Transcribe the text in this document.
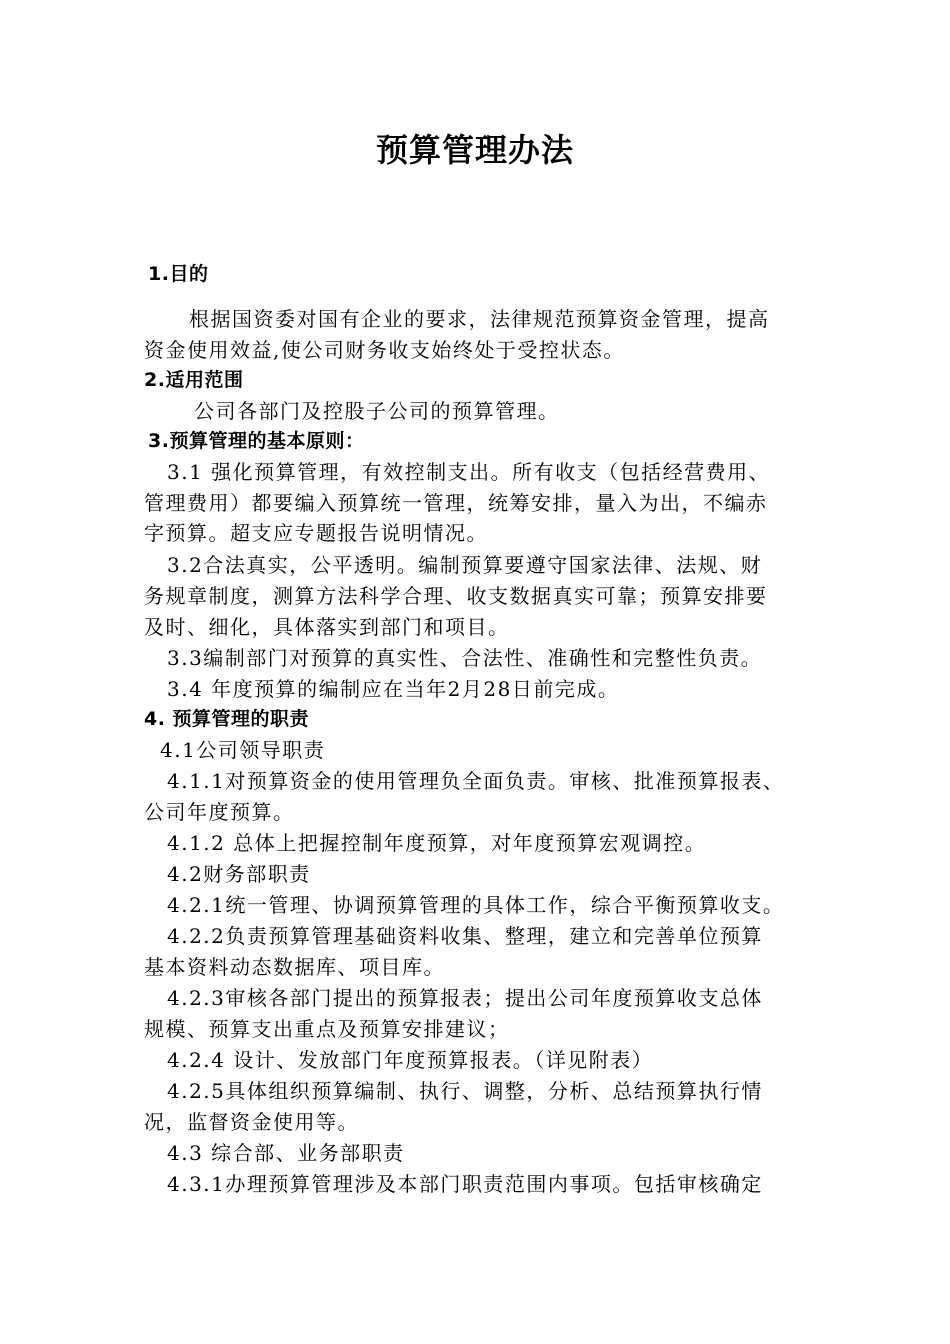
预算管理办法
1.目的
根据国资委对国有企业的要求，法律规范预算资金管理，提高
资金使用效益,使公司财务收支始终处于受控状态。
2.适用范围
公司各部门及控股子公司的预算管理。
3.预算管理的基本原则：
3.1 强化预算管理，有效控制支出。所有收支（包括经营费用、
管理费用）都要编入预算统一管理，统筹安排，量入为出，不编赤
字预算。超支应专题报告说明情况。
3.2合法真实，公平透明。编制预算要遵守国家法律、法规、财
务规章制度，测算方法科学合理、收支数据真实可靠；预算安排要
及时、细化，具体落实到部门和项目。
3.3编制部门对预算的真实性、合法性、准确性和完整性负责。
3.4 年度预算的编制应在当年2月28日前完成。
4. 预算管理的职责
4.1公司领导职责
4.1.1对预算资金的使用管理负全面负责。审核、批准预算报表、
公司年度预算。
4.1.2 总体上把握控制年度预算，对年度预算宏观调控。
4.2财务部职责
4.2.1统一管理、协调预算管理的具体工作，综合平衡预算收支。
4.2.2负责预算管理基础资料收集、整理，建立和完善单位预算
基本资料动态数据库、项目库。
4.2.3审核各部门提出的预算报表；提出公司年度预算收支总体
规模、预算支出重点及预算安排建议；
4.2.4 设计、发放部门年度预算报表。（详见附表）
4.2.5具体组织预算编制、执行、调整，分析、总结预算执行情
况，监督资金使用等。
4.3 综合部、业务部职责
4.3.1办理预算管理涉及本部门职责范围内事项。包括审核确定
